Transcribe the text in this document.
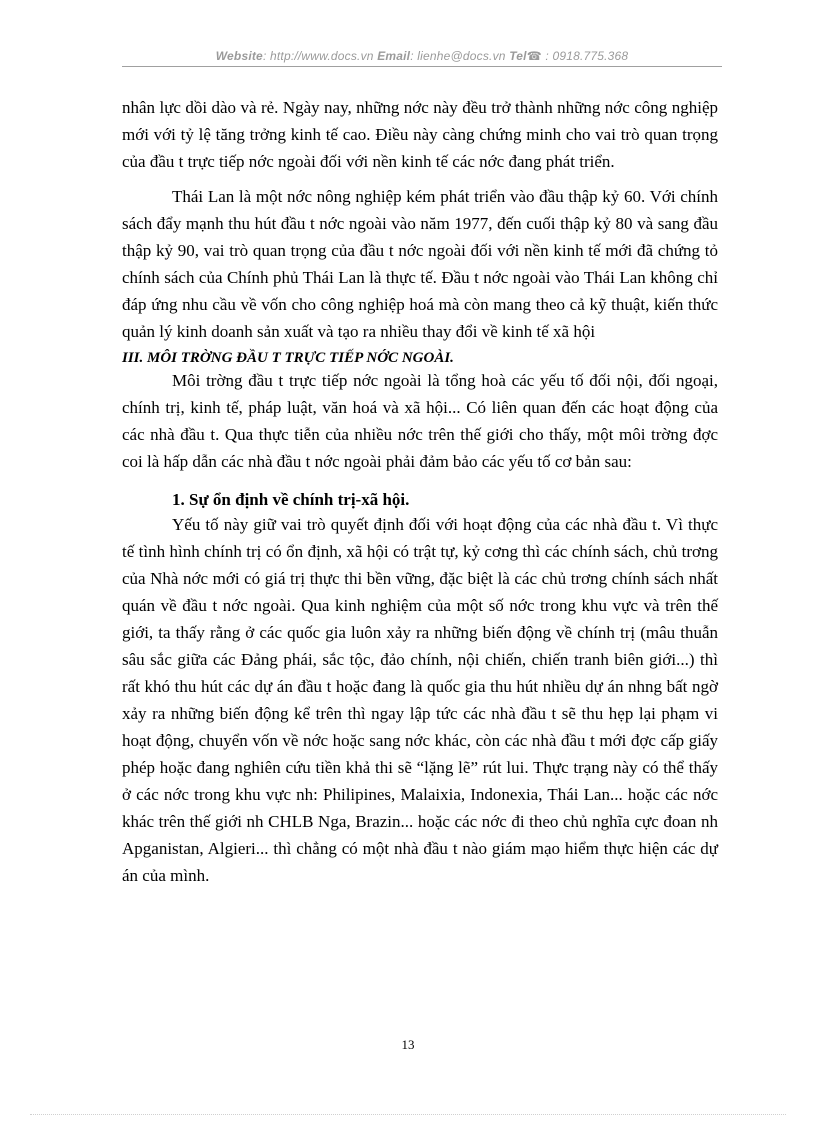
Website: http://www.docs.vn Email: lienhe@docs.vn Tel☎ : 0918.775.368

nhân lực dồi dào và rẻ. Ngày nay, những nớc này đều trở thành những nớc công nghiệp mới với tỷ lệ tăng trởng kinh tế cao. Điều này càng chứng minh cho vai trò quan trọng của đầu t trực tiếp nớc ngoài đối với nền kinh tế các nớc đang phát triển.

Thái Lan là một nớc nông nghiệp kém phát triển vào đầu thập kỷ 60. Với chính sách đẩy mạnh thu hút đầu t nớc ngoài vào năm 1977, đến cuối thập kỷ 80 và sang đầu thập kỷ 90, vai trò quan trọng của đầu t nớc ngoài đối với nền kinh tế mới đã chứng tỏ chính sách của Chính phủ Thái Lan là thực tế. Đầu t nớc ngoài vào Thái Lan không chỉ đáp ứng nhu cầu về vốn cho công nghiệp hoá mà còn mang theo cả kỹ thuật, kiến thức quản lý kinh doanh sản xuất và tạo ra nhiều thay đổi về kinh tế xã hội

III. MÔI TRỜNG ĐẦU T TRỰC TIẾP NỚC NGOÀI.

Môi trờng đầu t trực tiếp nớc ngoài là tổng hoà các yếu tố đối nội, đối ngoại, chính trị, kinh tế, pháp luật, văn hoá và xã hội... Có liên quan đến các hoạt động của các nhà đầu t. Qua thực tiễn của nhiều nớc trên thế giới cho thấy, một môi trờng đợc coi là hấp dẫn các nhà đầu t nớc ngoài phải đảm bảo các yếu tố cơ bản sau:

1. Sự ổn định về chính trị-xã hội.

Yếu tố này giữ vai trò quyết định đối với hoạt động của các nhà đầu t. Vì thực tế tình hình chính trị có ổn định, xã hội có trật tự, kỷ cơng thì các chính sách, chủ trơng của Nhà nớc mới có giá trị thực thi bền vững, đặc biệt là các chủ trơng chính sách nhất quán về đầu t nớc ngoài. Qua kinh nghiệm của một số nớc trong khu vực và trên thế giới, ta thấy rằng ở các quốc gia luôn xảy ra những biến động về chính trị (mâu thuẫn sâu sắc giữa các Đảng phái, sắc tộc, đảo chính, nội chiến, chiến tranh biên giới...) thì rất khó thu hút các dự án đầu t hoặc đang là quốc gia thu hút nhiều dự án nhng bất ngờ xảy ra những biến động kể trên thì ngay lập tức các nhà đầu t sẽ thu hẹp lại phạm vi hoạt động, chuyển vốn về nớc hoặc sang nớc khác, còn các nhà đầu t mới đợc cấp giấy phép hoặc đang nghiên cứu tiền khả thi sẽ “lặng lẽ” rút lui. Thực trạng này có thể thấy ở các nớc trong khu vực nh: Philipines, Malaixia, Indonexia, Thái Lan... hoặc các nớc khác trên thế giới nh CHLB Nga, Brazin... hoặc các nớc đi theo chủ nghĩa cực đoan nh Apganistan, Algieri... thì chẳng có một nhà đầu t nào giám mạo hiểm thực hiện các dự án của mình.

13
